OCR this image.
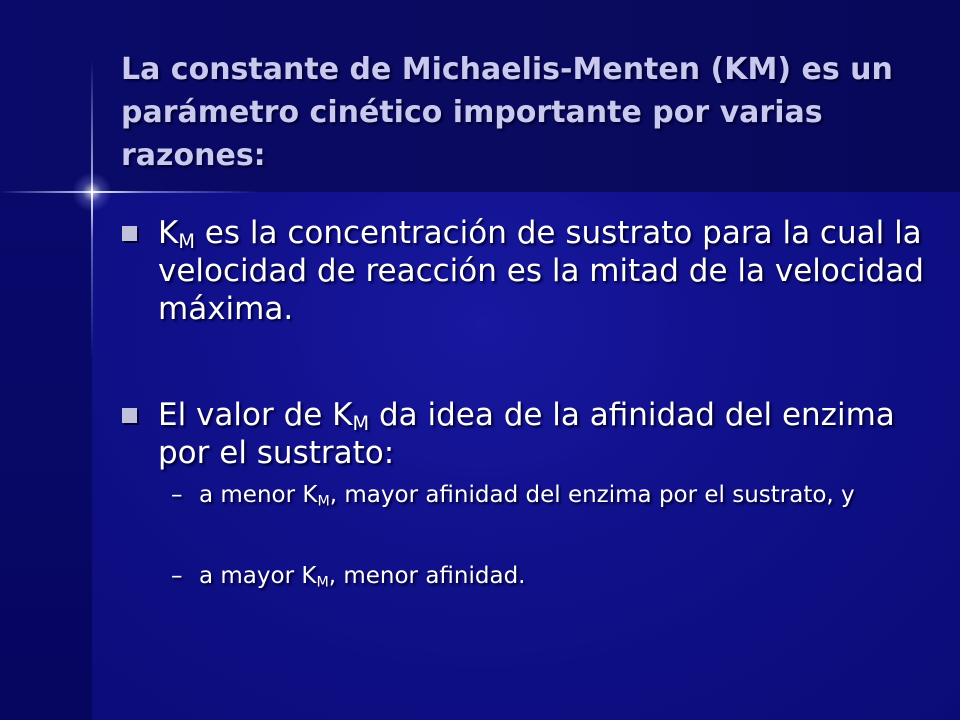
La constante de Michaelis-Menten (KM) es un parámetro cinético importante por varias razones:
$K_M$ es la concentración de sustrato para la cual la velocidad de reacción es la mitad de la velocidad máxima.
El valor de $K_M$ da idea de la afinidad del enzima por el sustrato:
– a menor $K_M$, mayor afinidad del enzima por el sustrato, y
– a mayor $K_M$, menor afinidad.
